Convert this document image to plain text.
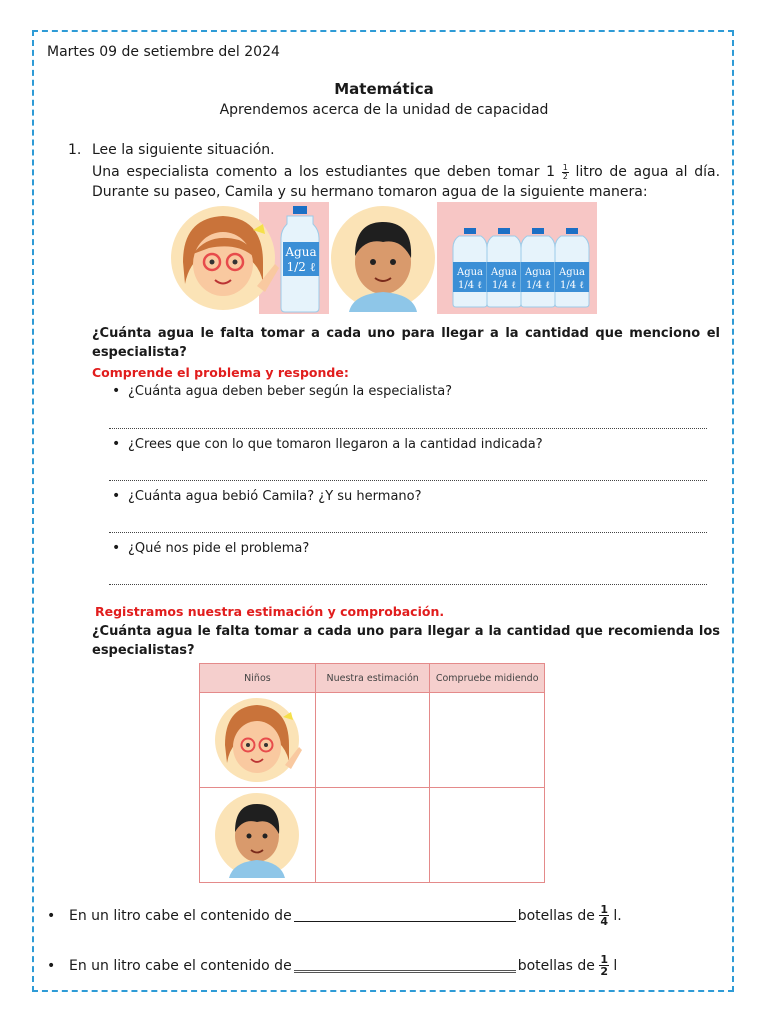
Martes 09 de setiembre del 2024

Matemática

Aprendemos acerca de la unidad de capacidad

1. Lee la siguiente situación.

Una especialista comento a los estudiantes que deben tomar $1 \frac{1}{2}$ litro de agua al día.

Durante su paseo, Camila y su hermano tomaron agua de la siguiente manera:

Agua
1/2 ℓ	Agua
1/4 ℓ
Agua
1/4 ℓ
Agua
1/4 ℓ
Agua
1/4 ℓ

¿Cuánta agua le falta tomar a cada uno para llegar a la cantidad que menciono el especialista?

Comprende el problema y responde:

• ¿Cuánta agua deben beber según la especialista?

• ¿Crees que con lo que tomaron llegaron a la cantidad indicada?

• ¿Cuánta agua bebió Camila? ¿Y su hermano?

• ¿Qué nos pide el problema?

Registramos nuestra estimación y comprobación.

¿Cuánta agua le falta tomar a cada uno para llegar a la cantidad que recomienda los especialistas?

Niños	Nuestra estimación	Compruebe midiendo

• En un litro cabe el contenido de	botellas de
$\frac{1}{4}$
l.
• En un litro cabe el contenido de	botellas de
$\frac{1}{2}$
l
